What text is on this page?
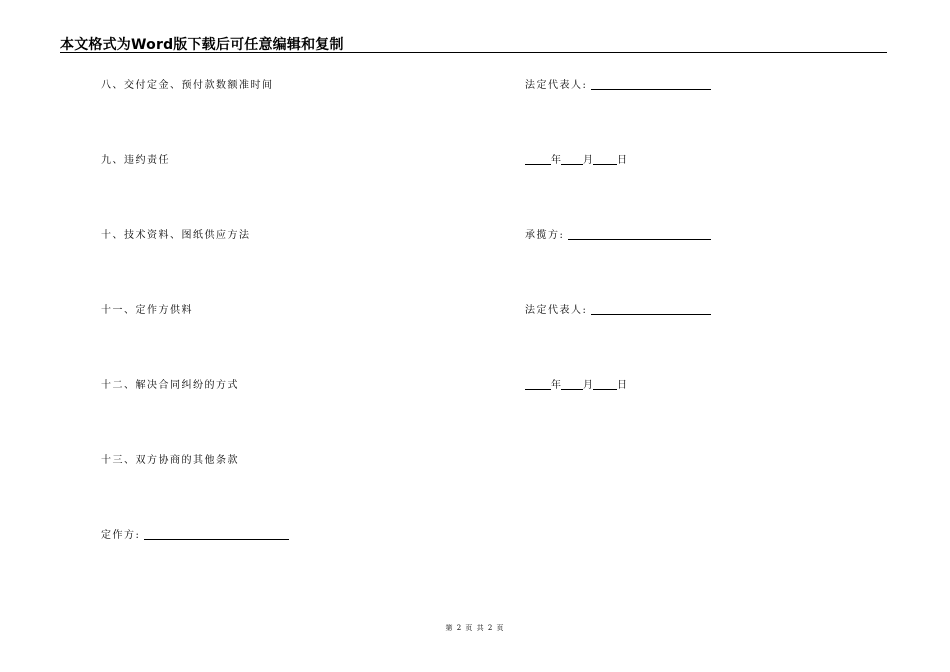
本文格式为Word版下载后可任意编辑和复制
八、交付定金、预付款数额准时间
九、违约责任
十、技术资料、图纸供应方法
十一、定作方供料
十二、解决合同纠纷的方式
十三、双方协商的其他条款
定作方:
法定代表人:
年 月 日
承揽方:
法定代表人:
年 月 日
第 2 页 共 2 页
